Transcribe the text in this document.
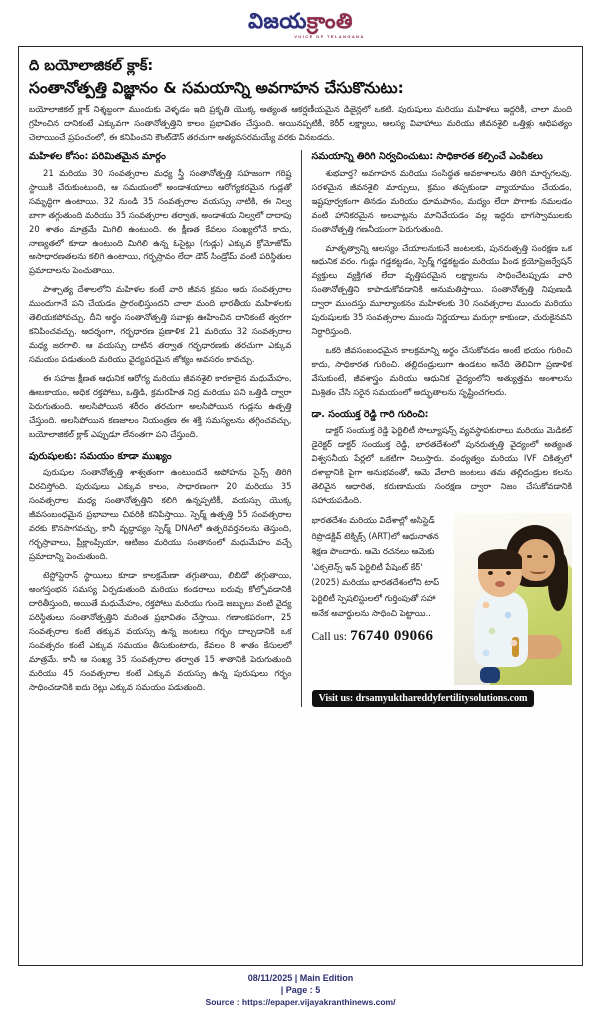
విజయక్రాంతి
VOICE OF TELANGANA
ది బయోలాజికల్ క్లాక్:
సంతానోత్పత్తి విజ్ఞానం & సమయాన్ని అవగాహన చేసుకొనుటు:

బయోలాజికల్ క్లాక్ నిశ్శబ్దంగా ముందుకు వెళ్ళడం ఇది ప్రకృతి యొక్క అత్యంత ఆకర్షణీయమైన డిజైన్లలో ఒకటి. పురుషులు మరియు మహిళలు ఇద్దరికీ, చాలా మంది గ్రహించిన దానికంటే ఎక్కువగా సంతానోత్పత్తిని కాలం ప్రభావితం చేస్తుంది. అయినప్పటికీ, కెరీర్ లక్ష్యాలు, ఆలస్య వివాహాలు మరియు జీవనశైలి ఒత్తిళ్లు ఆధిపత్యం చెలాయించే ప్రపంచంలో, ఈ కనిపించని కౌంట్‌డౌన్ తరచుగా అత్యవసరమయ్యే వరకు వినబడదు.

మహిళల కోసం: పరిమితమైన మార్గం

21 మరియు 30 సంవత్సరాల మధ్య స్త్రీ సంతానోత్పత్తి సహజంగా గరిష్ట స్థాయికి చేరుకుంటుంది, ఆ సమయంలో అండాశయాలు ఆరోగ్యకరమైన గుడ్లతో సమృద్ధిగా ఉంటాయి. 32 నుండి 35 సంవత్సరాల వయస్సు నాటికి, ఈ నిల్వ బాగా తగ్గుతుంది మరియు 35 సంవత్సరాల తర్వాత, అండాశయ నిల్వలో దాదాపు 20 శాతం మాత్రమే మిగిలి ఉంటుంది. ఈ క్షీణత కేవలం సంఖ్యలోనే కాదు, నాణ్యతలో కూడా ఉంటుంది మిగిలి ఉన్న ఓసైట్లు (గుడ్లు) ఎక్కువ క్రోమోజోమ్ అసాధారణతలను కలిగి ఉంటాయి, గర్భస్రావం లేదా డౌన్ సిండ్రోమ్ వంటి పరిస్థితుల ప్రమాదాలను పెంచుతాయి.

పాశ్చాత్య దేశాలలోని మహిళల కంటే వారి జీవన క్రమం ఆరు సంవత్సరాల ముందుగానే పని చేయడం ప్రారంభిస్తుందని చాలా మంది భారతీయ మహిళలకు తెలియకపోవచ్చు. దీని అర్థం సంతానోత్పత్తి సవాళ్లు ఊహించిన దానికంటే త్వరగా కనిపించవచ్చు. ఆదర్శంగా, గర్భధారణ ప్రణాళిక 21 మరియు 32 సంవత్సరాల మధ్య జరగాలి. ఆ వయస్సు దాటిన తర్వాత గర్భధారణకు తరచుగా ఎక్కువ సమయం పడుతుంది మరియు వైద్యపరమైన జోక్యం అవసరం కావచ్చు.

ఈ సహజ క్షీణత ఆధునిక ఆరోగ్య మరియు జీవనశైలి కారకాలైన మధుమేహం, ఊబకాయం, అధిక రక్తపోటు, ఒత్తిడి, క్రమరహిత నిద్ర మరియు పని ఒత్తిడి ద్వారా పెరుగుతుంది. అలసిపోయిన శరీరం తరచుగా అలసిపోయిన గుడ్లను ఉత్పత్తి చేస్తుంది. అలసిపోయిన కణజాలం నియంత్రణ ఈ శక్తి సమస్యలను తగ్గించవచ్చు, బయోలాజికల్ క్లాక్ ఎప్పుడూ లేనంతగా పని చేస్తుంది.

పురుషులకు: సమయం కూడా ముఖ్యం

పురుషుల సంతానోత్పత్తి శాశ్వతంగా ఉంటుందనే అపోహను సైన్స్ తిరిగి విరచిస్తోంది. పురుషులు ఎక్కువ కాలం, సాధారణంగా 20 మరియు 35 సంవత్సరాల మధ్య సంతానోత్పత్తిని కలిగి ఉన్నప్పటికీ, వయస్సు యొక్క జీవసంబంధమైన ప్రభావాలు చివరికి కనిపిస్తాయి. స్పెర్మ్ ఉత్పత్తి 55 సంవత్సరాల వరకు కొనసాగవచ్చు, కానీ వృద్ధాప్యం స్పెర్మ్ DNAలో ఉత్పరివర్తనలను తెస్తుంది, గర్భస్రావాలు, ప్రీక్లాంప్సియా, ఆటిజం మరియు సంతానంలో మధుమేహం వచ్చే ప్రమాదాన్ని పెంచుతుంది.

టెస్టోస్టెరాన్ స్థాయిలు కూడా కాలక్రమేణా తగ్గుతాయి, లిబిడో తగ్గుతాయి, అంగస్తంభన సమస్య ఏర్పడుతుంది మరియు కండరాలు బరువు కోల్పోవడానికి దారితీస్తుంది, అయితే మధుమేహం, రక్తపోటు మరియు గుండె జబ్బులు వంటి వైద్య పరిస్థితులు సంతానోత్పత్తిని మరింత ప్రభావితం చేస్తాయి. గణాంకపరంగా, 25 సంవత్సరాల కంటే తక్కువ వయస్సు ఉన్న జంటలు గర్భం దాల్చడానికి ఒక సంవత్సరం కంటే ఎక్కువ సమయం తీసుకుంటారు, కేవలం 8 శాతం కేసులలో మాత్రమే. కానీ ఆ సంఖ్య 35 సంవత్సరాల తర్వాత 15 శాతానికి పెరుగుతుంది మరియు 45 సంవత్సరాల కంటే ఎక్కువ వయస్సు ఉన్న పురుషులు గర్భం సాధించడానికి ఐదు రెట్లు ఎక్కువ సమయం పడుతుంది.

సమయాన్ని తిరిగి నిర్వచించుటు: సాధికారత కల్పించే ఎంపికలు

శుభవార్త? అవగాహన మరియు సంసిద్ధత అవకాశాలను తిరిగి మార్చగలవు. సరళమైన జీవనశైలి మార్పులు, క్రమం తప్పకుండా వ్యాయామం చేయడం, ఇష్టపూర్వకంగా తినడం మరియు ధూమపానం, మద్యం లేదా పొగాకు నమలడం వంటి హానికరమైన అలవాట్లను మానివేయడం వల్ల ఇద్దరు భాగస్వాములకు సంతానోత్పత్తి గణనీయంగా పెరుగుతుంది.

మాతృత్వాన్ని ఆలస్యం చేయాలనుకునే జంటలకు, పునరుత్పత్తి సంరక్షణ ఒక ఆధునిక వరం. గుడ్లు గడ్డకట్టడం, స్పెర్మ్ గడ్డకట్టడం మరియు పిండ క్రయోప్రెజర్వేషన్ వ్యక్తులు వ్యక్తిగత లేదా వృత్తిపరమైన లక్ష్యాలను సాధించేటప్పుడు వారి సంతానోత్పత్తిని కాపాడుకోవడానికి అనుమతిస్తాయి. సంతానోత్పత్తి నిపుణుడి ద్వారా ముందస్తు మూల్యాంకనం మహిళలకు 30 సంవత్సరాల ముందు మరియు పురుషులకు 35 సంవత్సరాల ముందు నిర్ణయాలు మరుగ్గా కాకుండా, చురుకైనవని నిర్ధారిస్తుంది.

ఒకరి జీవసంబంధమైన కాలక్రమాన్ని అర్థం చేసుకోవడం అంటే భయం గురించి కాదు, సాధికారత గురించి. తల్లిదండ్రులుగా ఉండటం అనేది తెలివిగా ప్రణాళిక వేసుకుంటే, జీవశాస్త్రం మరియు ఆధునిక వైద్యంలోని అత్యుత్తమ అంశాలను మిశ్రితం చేసి సరైన సమయంలో అద్భుతాలను సృష్టించగలదు.

డా. సంయుక్త రెడ్డి గారి గురించి:

డాక్టర్ సంయుక్త రెడ్డి ఫెర్టిలిటీ సొల్యూషన్స్ వ్యవస్థాపకురాలు మరియు మెడికల్ డైరెక్టర్ డాక్టర్ సంయుక్త రెడ్డి, భారతదేశంలో పునరుత్పత్తి వైద్యంలో అత్యంత విశ్వసనీయ పేర్లలో ఒకటిగా నిలుస్తారు. వంధ్యత్వం మరియు IVF చికిత్సలో దశాబ్దానికి పైగా అనుభవంతో, ఆమె వేలాది జంటలు తమ తల్లిదండ్రుల కలను తెలివైన ఆధారిత, కరుణామయ సంరక్షణ ద్వారా నిజం చేసుకోవడానికి సహాయపడింది.

భారతదేశం మరియు విదేశాల్లో అసిస్టెడ్ రిప్రొడక్టివ్ టెక్నిక్స్ (ART)లో ఆధునాతన శిక్షణ పొందారు. ఆమె రచనలు ఆమెకు 'ఎక్సలెన్స్ ఇన్ ఫెర్టిలిటీ పేషెంట్ కేర్' (2025) మరియు భారతదేశంలోని టాప్ ఫెర్టిలిటీ స్పెషలిస్టులలో గుర్తింపుతో సహా అనేక అవార్డులను సాధించి పెట్టాయి..

Call us: 76740 09066
Visit us: drsamyukthareddyfertilitysolutions.com
08/11/2025 | Main Edition
| Page : 5
Source : https://epaper.vijayakranthinews.com/
